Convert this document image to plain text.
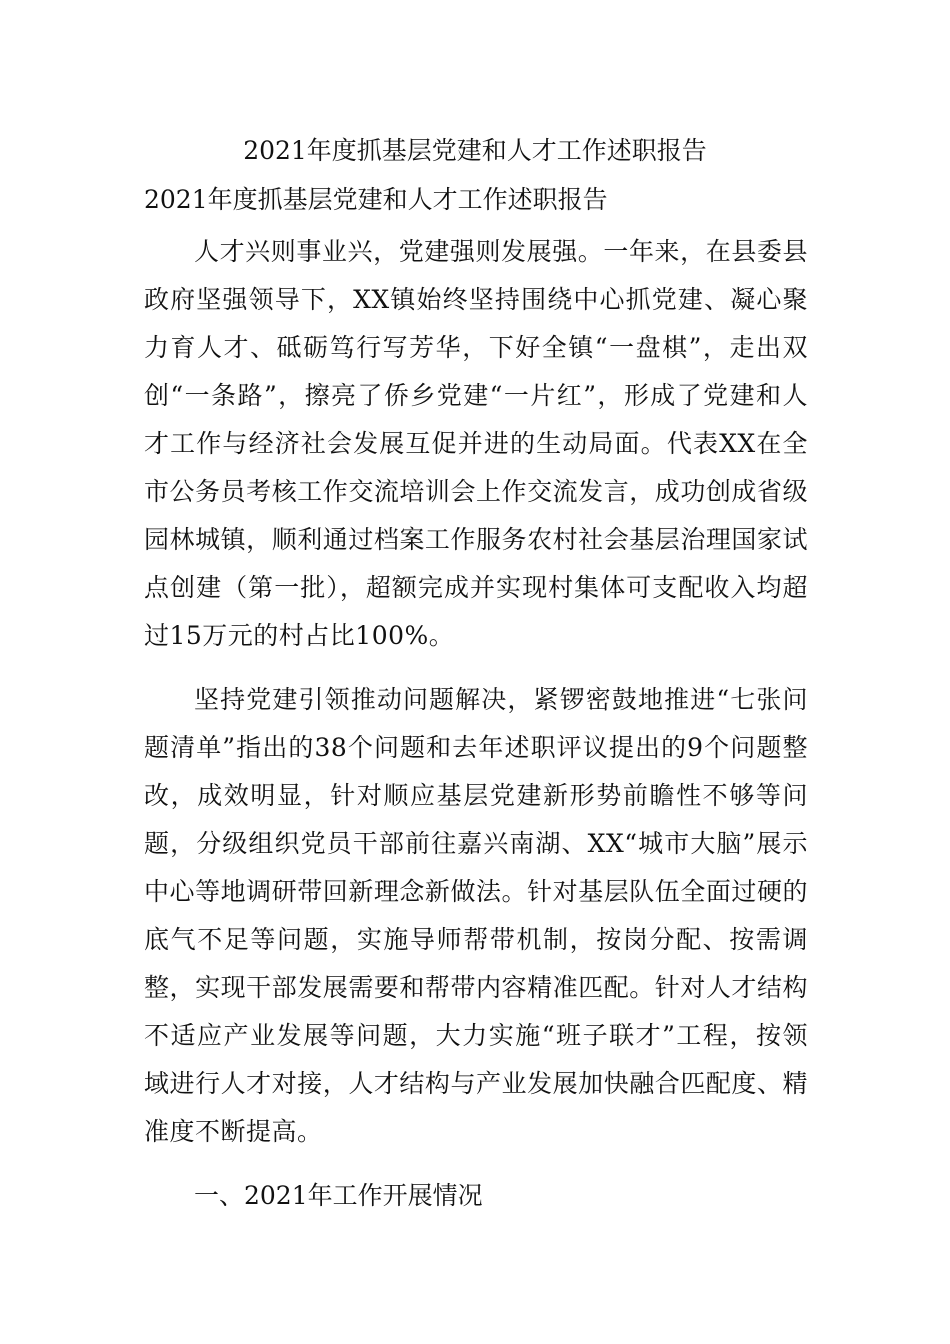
2021年度抓基层党建和人才工作述职报告
2021年度抓基层党建和人才工作述职报告

人才兴则事业兴，党建强则发展强。一年来，在县委县政府坚强领导下，XX镇始终坚持围绕中心抓党建、凝心聚力育人才、砥砺笃行写芳华，下好全镇“一盘棋”，走出双创“一条路”，擦亮了侨乡党建“一片红”，形成了党建和人才工作与经济社会发展互促并进的生动局面。代表XX在全市公务员考核工作交流培训会上作交流发言，成功创成省级园林城镇，顺利通过档案工作服务农村社会基层治理国家试点创建（第一批），超额完成并实现村集体可支配收入均超过15万元的村占比100%。

坚持党建引领推动问题解决，紧锣密鼓地推进“七张问题清单”指出的38个问题和去年述职评议提出的9个问题整改，成效明显，针对顺应基层党建新形势前瞻性不够等问题，分级组织党员干部前往嘉兴南湖、XX“城市大脑”展示中心等地调研带回新理念新做法。针对基层队伍全面过硬的底气不足等问题，实施导师帮带机制，按岗分配、按需调整，实现干部发展需要和帮带内容精准匹配。针对人才结构不适应产业发展等问题，大力实施“班子联才”工程，按领域进行人才对接，人才结构与产业发展加快融合匹配度、精准度不断提高。

一、2021年工作开展情况
